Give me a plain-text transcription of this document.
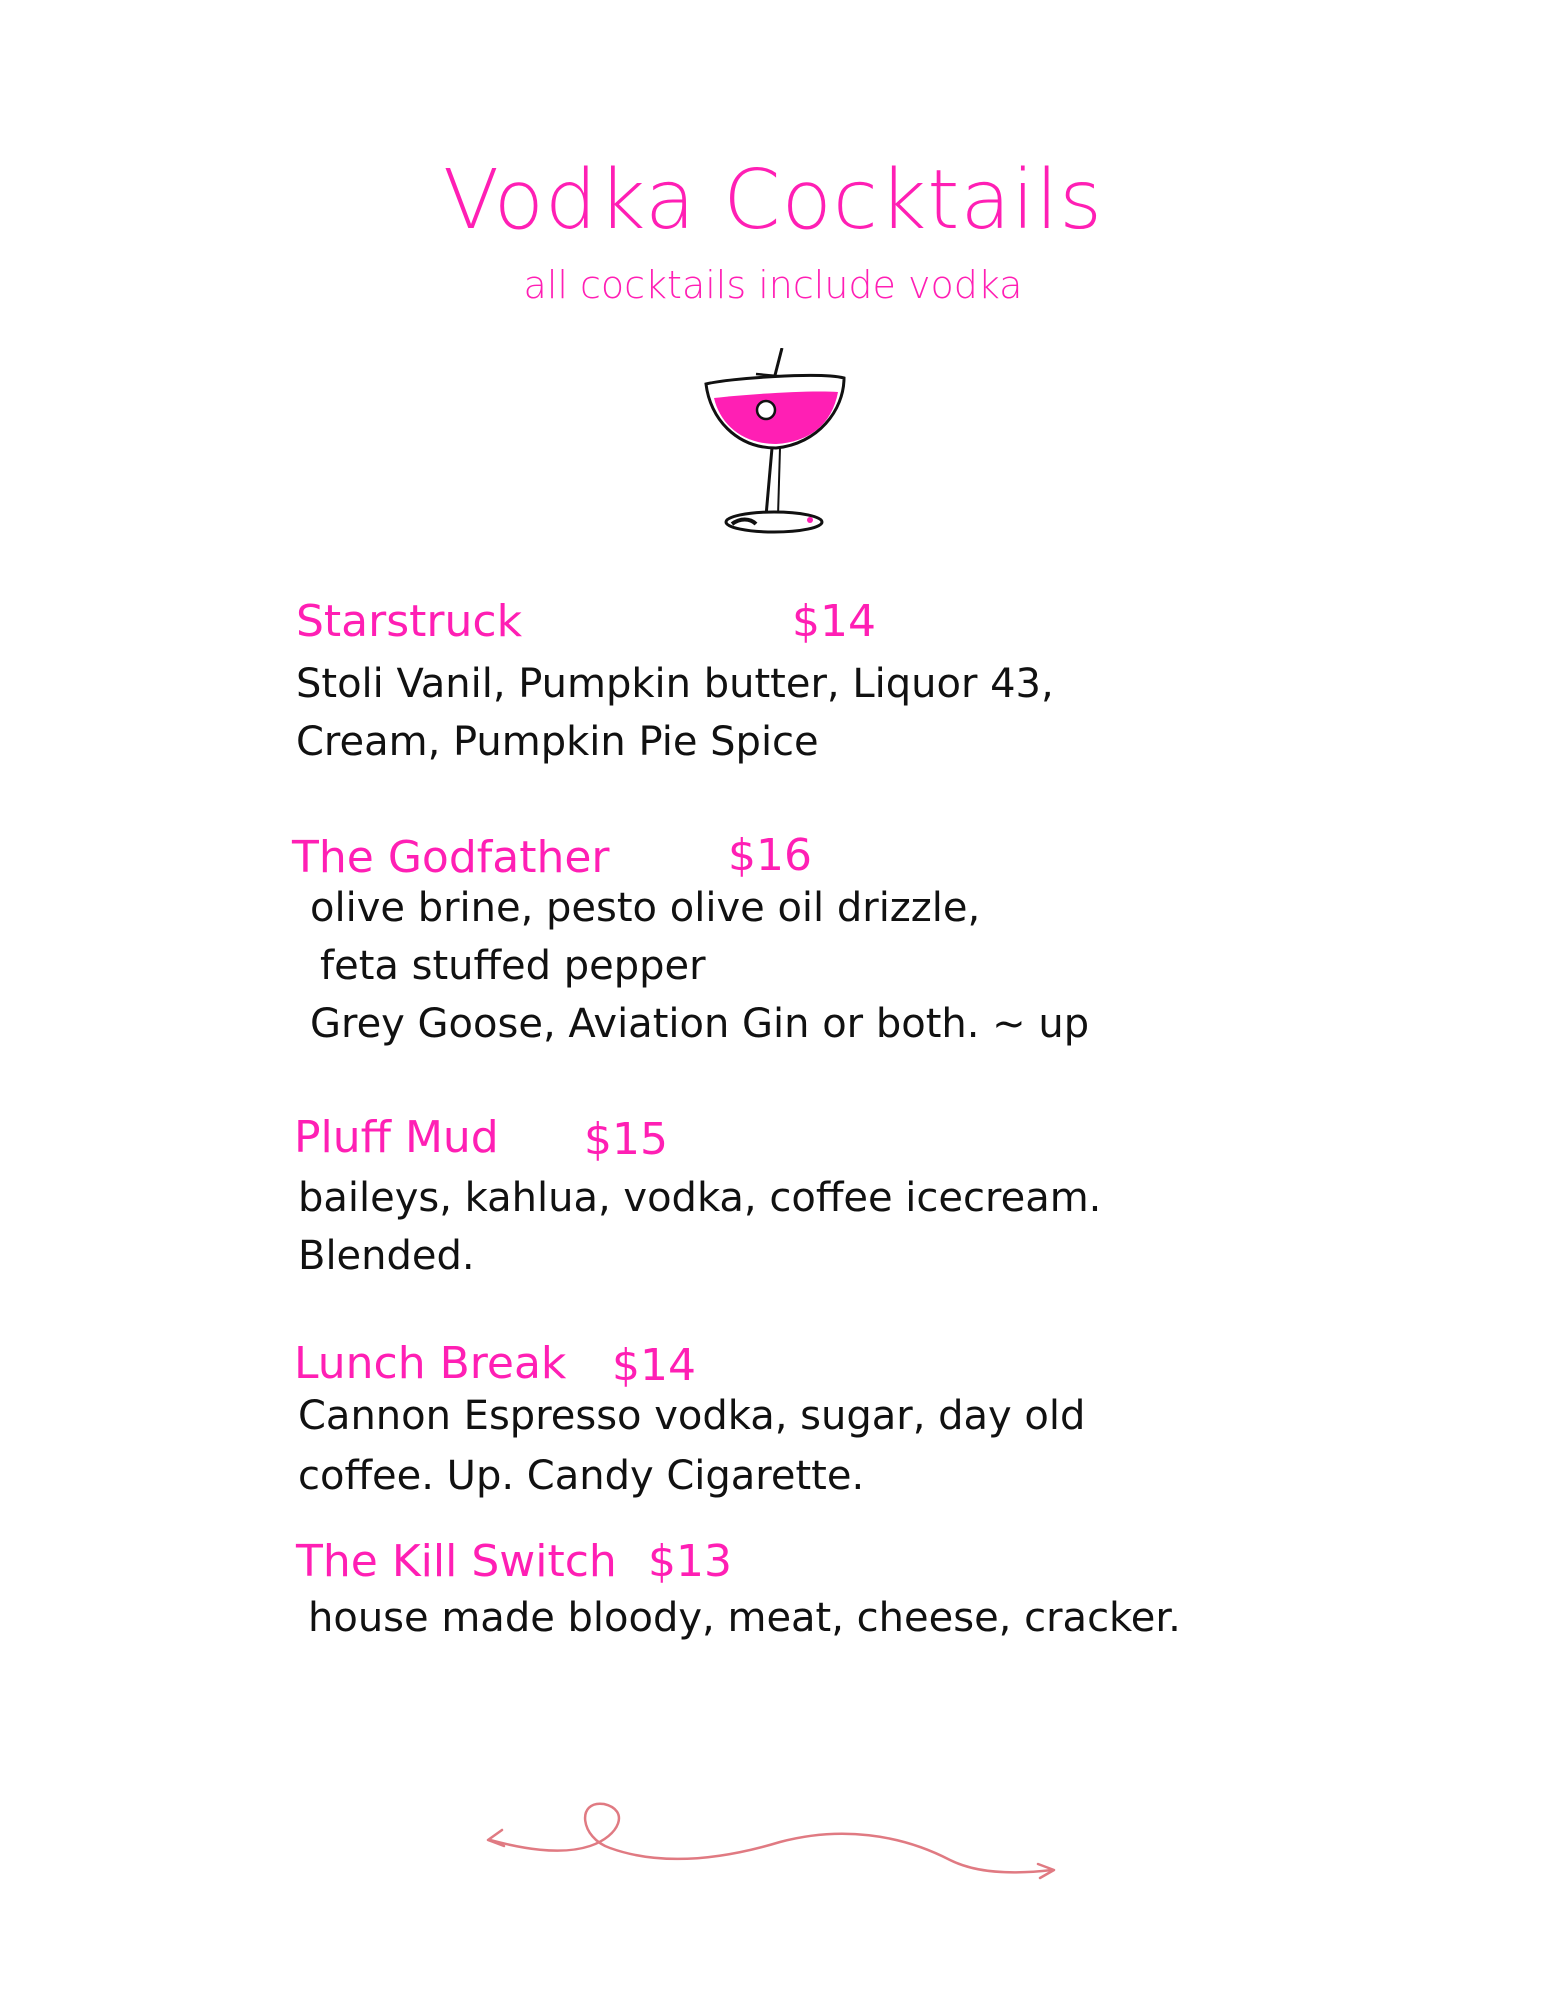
Vodka Cocktails
all cocktails include vodka
Starstruck	$14
Stoli Vanil, Pumpkin butter, Liquor 43,
Cream, Pumpkin Pie Spice
The Godfather	$16
olive brine, pesto olive oil drizzle,
feta stuffed pepper
Grey Goose, Aviation Gin or both. ~ up
Pluff Mud $15
baileys, kahlua, vodka, coffee icecream.
Blended.
Lunch Break $14
Cannon Espresso vodka, sugar, day old
coffee. Up. Candy Cigarette.
The Kill Switch $13
house made bloody, meat, cheese, cracker.
